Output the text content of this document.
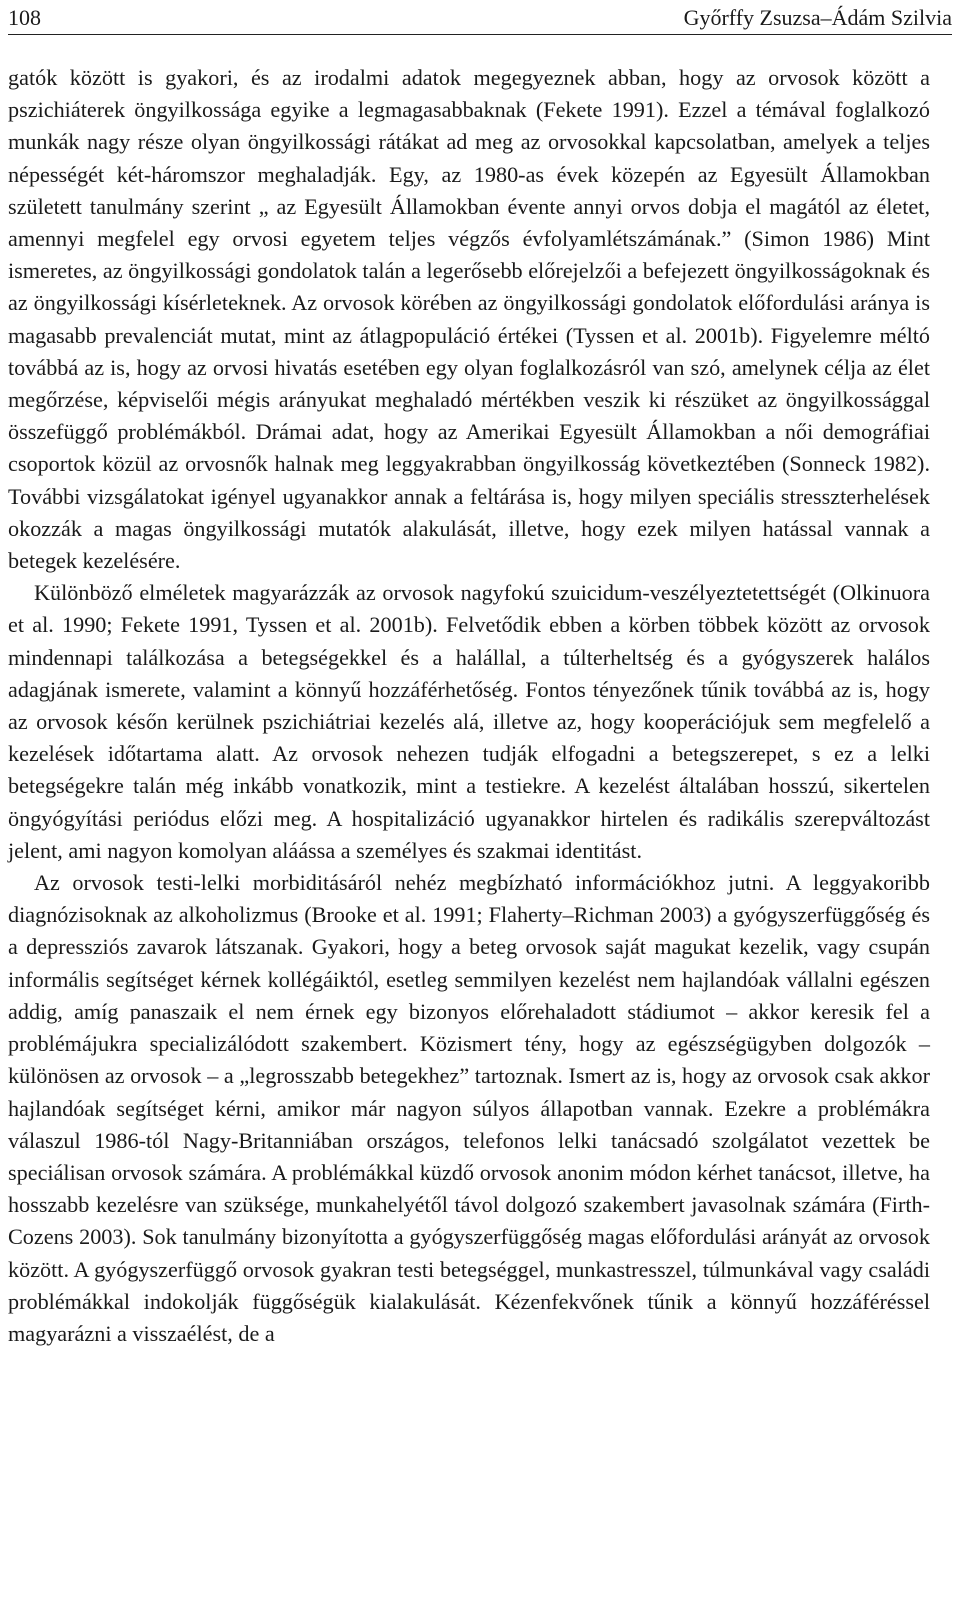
108	Győrffy Zsuzsa–Ádám Szilvia

gatók között is gyakori, és az irodalmi adatok megegyeznek abban, hogy az orvosok között a pszichiáterek öngyilkossága egyike a legmagasabbaknak (Fekete 1991). Ezzel a témával foglalkozó munkák nagy része olyan öngyilkossági rátákat ad meg az orvosokkal kapcsolatban, amelyek a teljes népességét két-háromszor meghaladják. Egy, az 1980-as évek közepén az Egyesült Államokban született tanulmány szerint „ az Egyesült Államokban évente annyi orvos dobja el magától az életet, amennyi megfelel egy orvosi egyetem teljes végzős évfolyamlétszámának.” (Simon 1986) Mint ismeretes, az öngyilkossági gondolatok talán a legerősebb előrejelzői a befejezett öngyilkosságoknak és az öngyilkossági kísérleteknek. Az orvosok körében az öngyilkossági gondolatok előfordulási aránya is magasabb prevalenciát mutat, mint az átlagpopuláció értékei (Tyssen et al. 2001b). Figyelemre méltó továbbá az is, hogy az orvosi hivatás esetében egy olyan foglalkozásról van szó, amelynek célja az élet megőrzése, képviselői mégis arányukat meghaladó mértékben veszik ki részüket az öngyilkossággal összefüggő problémákból. Drámai adat, hogy az Amerikai Egyesült Államokban a női demográfiai csoportok közül az orvosnők halnak meg leggyakrabban öngyilkosság következtében (Sonneck 1982). További vizsgálatokat igényel ugyanakkor annak a feltárása is, hogy milyen speciális stresszterhelések okozzák a magas öngyilkossági mutatók alakulását, illetve, hogy ezek milyen hatással vannak a betegek kezelésére.

Különböző elméletek magyarázzák az orvosok nagyfokú szuicidum-veszélyeztetettségét (Olkinuora et al. 1990; Fekete 1991, Tyssen et al. 2001b). Felvetődik ebben a körben többek között az orvosok mindennapi találkozása a betegségekkel és a halállal, a túlterheltség és a gyógyszerek halálos adagjának ismerete, valamint a könnyű hozzáférhetőség. Fontos tényezőnek tűnik továbbá az is, hogy az orvosok későn kerülnek pszichiátriai kezelés alá, illetve az, hogy kooperációjuk sem megfelelő a kezelések időtartama alatt. Az orvosok nehezen tudják elfogadni a betegszerepet, s ez a lelki betegségekre talán még inkább vonatkozik, mint a testiekre. A kezelést általában hosszú, sikertelen öngyógyítási periódus előzi meg. A hospitalizáció ugyanakkor hirtelen és radikális szerepváltozást jelent, ami nagyon komolyan aláássa a személyes és szakmai identitást.

Az orvosok testi-lelki morbiditásáról nehéz megbízható információkhoz jutni. A leggyakoribb diagnózisoknak az alkoholizmus (Brooke et al. 1991; Flaherty–Richman 2003) a gyógyszerfüggőség és a depressziós zavarok látszanak. Gyakori, hogy a beteg orvosok saját magukat kezelik, vagy csupán informális segítséget kérnek kollégáiktól, esetleg semmilyen kezelést nem hajlandóak vállalni egészen addig, amíg panaszaik el nem érnek egy bizonyos előrehaladott stádiumot – akkor keresik fel a problémájukra specializálódott szakembert. Közismert tény, hogy az egészségügyben dolgozók – különösen az orvosok – a „legrosszabb betegekhez” tartoznak. Ismert az is, hogy az orvosok csak akkor hajlandóak segítséget kérni, amikor már nagyon súlyos állapotban vannak. Ezekre a problémákra válaszul 1986-tól Nagy-Britanniában országos, telefonos lelki tanácsadó szolgálatot vezettek be speciálisan orvosok számára. A problémákkal küzdő orvosok anonim módon kérhet tanácsot, illetve, ha hosszabb kezelésre van szüksége, munkahelyétől távol dolgozó szakembert javasolnak számára (Firth-Cozens 2003). Sok tanulmány bizonyította a gyógyszerfüggőség magas előfordulási arányát az orvosok között. A gyógyszerfüggő orvosok gyakran testi betegséggel, munkastresszel, túlmunkával vagy családi problémákkal indokolják függőségük kialakulását. Kézenfekvőnek tűnik a könnyű hozzáféréssel magyarázni a visszaélést, de a
